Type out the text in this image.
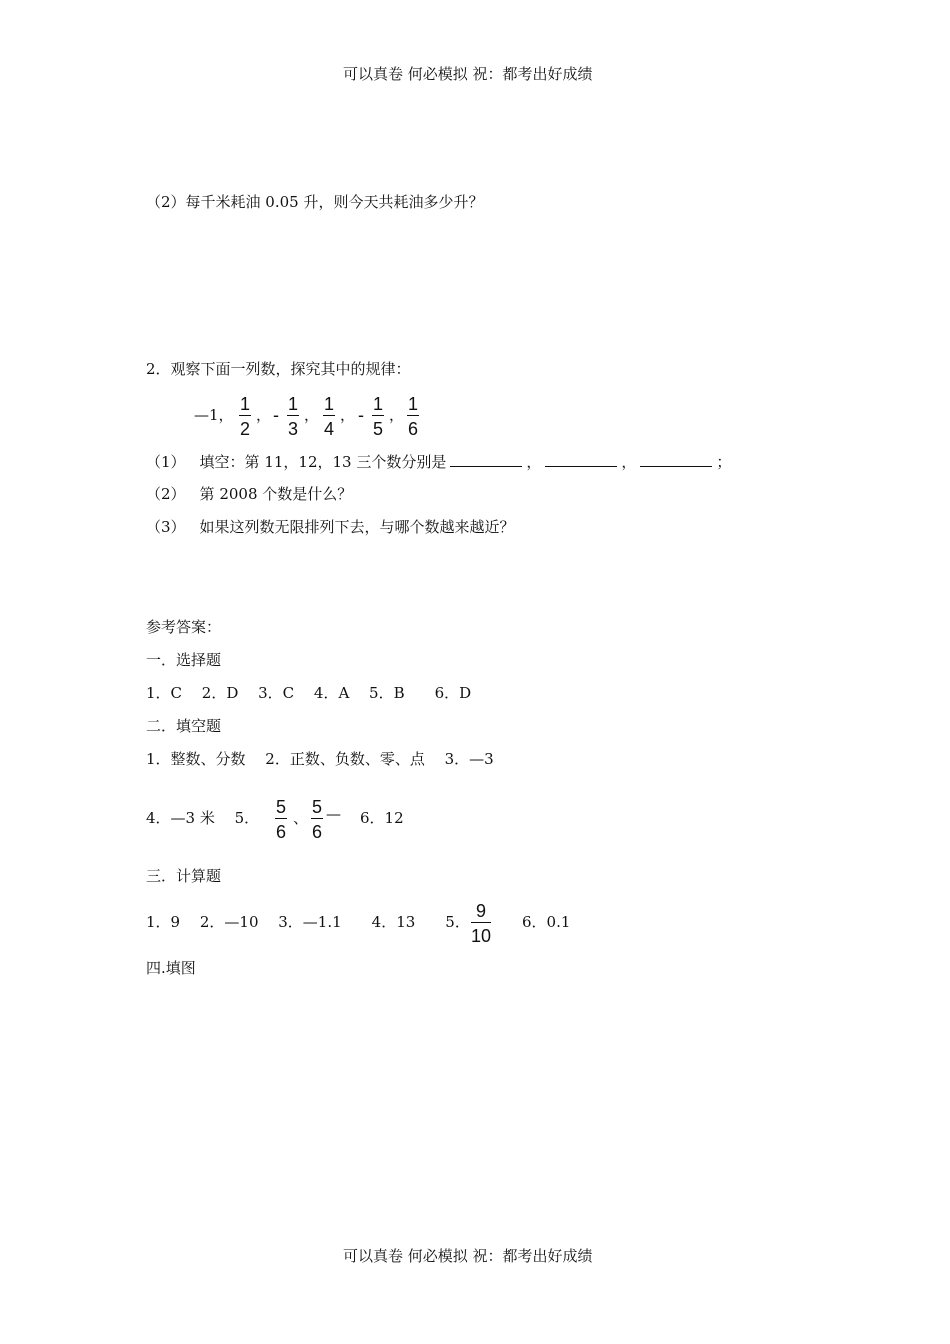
可以真卷 何必模拟 祝：都考出好成绩
（2）每千米耗油 0.05 升，则今天共耗油多少升？
2．观察下面一列数，探究其中的规律：
—1，
1
2
， -
1
3
，
1
4
， -
1
5
，
1
6
（1） 填空：第 11，12，13 三个数分别是	，	，	；
（2） 第 2008 个数是什么？
（3） 如果这列数无限排列下去，与哪个数越来越近？
参考答案：
一．选择题
1．C　 2．D　 3．C　 4．A　 5．B　　6．D
二．填空题
1．整数、分数　 2．正数、负数、零、点　 3．—3
4．—3 米　 5．
5
6
、
5
6
— 6．12
三．计算题
1．9　 2．—10　 3．—1.1　　4．13　　5．
9
10
6．0.1
四.填图
可以真卷 何必模拟 祝：都考出好成绩
